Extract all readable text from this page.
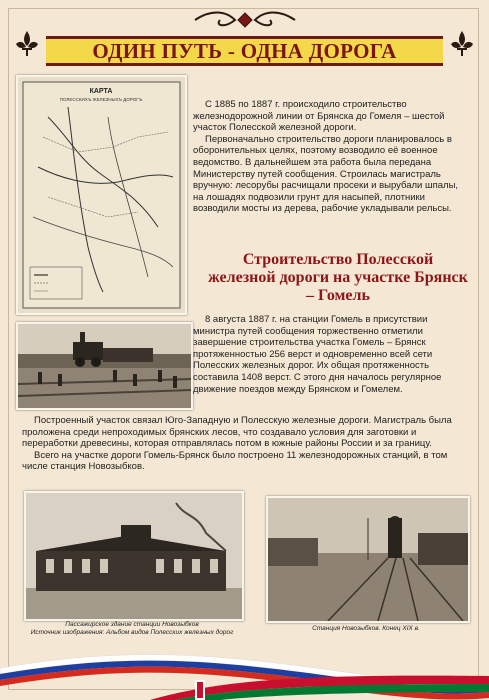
ОДИН ПУТЬ - ОДНА ДОРОГА
КАРТА
ПОЛЕССКИХЪ ЖЕЛЕЗНЫХЪ ДОРОГЪ	С 1885 по 1887 г. происходило строительство железнодорожной линии от Брянска до Гомеля – шестой участок Полесской железной дороги.
Первоначально строительство дороги планировалось в оборонительных целях, поэтому возводило её военное ведомство. В дальнейшем эта работа была передана Министерству путей сообщения. Строилась магистраль вручную: лесорубы расчищали просеки и вырубали шпалы, на лошадях подвозили грунт для насыпей, плотники возводили мосты из дерева, рабочие укладывали рельсы.
Строительство Полесской железной дороги на участке Брянск – Гомель
8 августа 1887 г. на станции Гомель в присутствии министра путей сообщения торжественно отметили завершение строительства участка Гомель – Брянск протяженностью 256 верст и одновременно всей сети Полесских железных дорог. Их общая протяженность составила 1408 верст. С этого дня началось регулярное движение поездов между Брянском и Гомелем.
Построенный участок связал Юго-Западную и Полесскую железные дороги. Магистраль была проложена среди непроходимых брянских лесов, что создавало условия для заготовки и переработки древесины, которая отправлялась потом в южные районы России и за границу.
Всего на участке дороги Гомель-Брянск было построено 11 железнодорожных станций, в том числе станция Новозыбков.
Пассажирское здание станции Новозыбков
Источник изображения: Альбом видов Полесских железных дорог
Станция Новозыбков. Конец XIX в.
